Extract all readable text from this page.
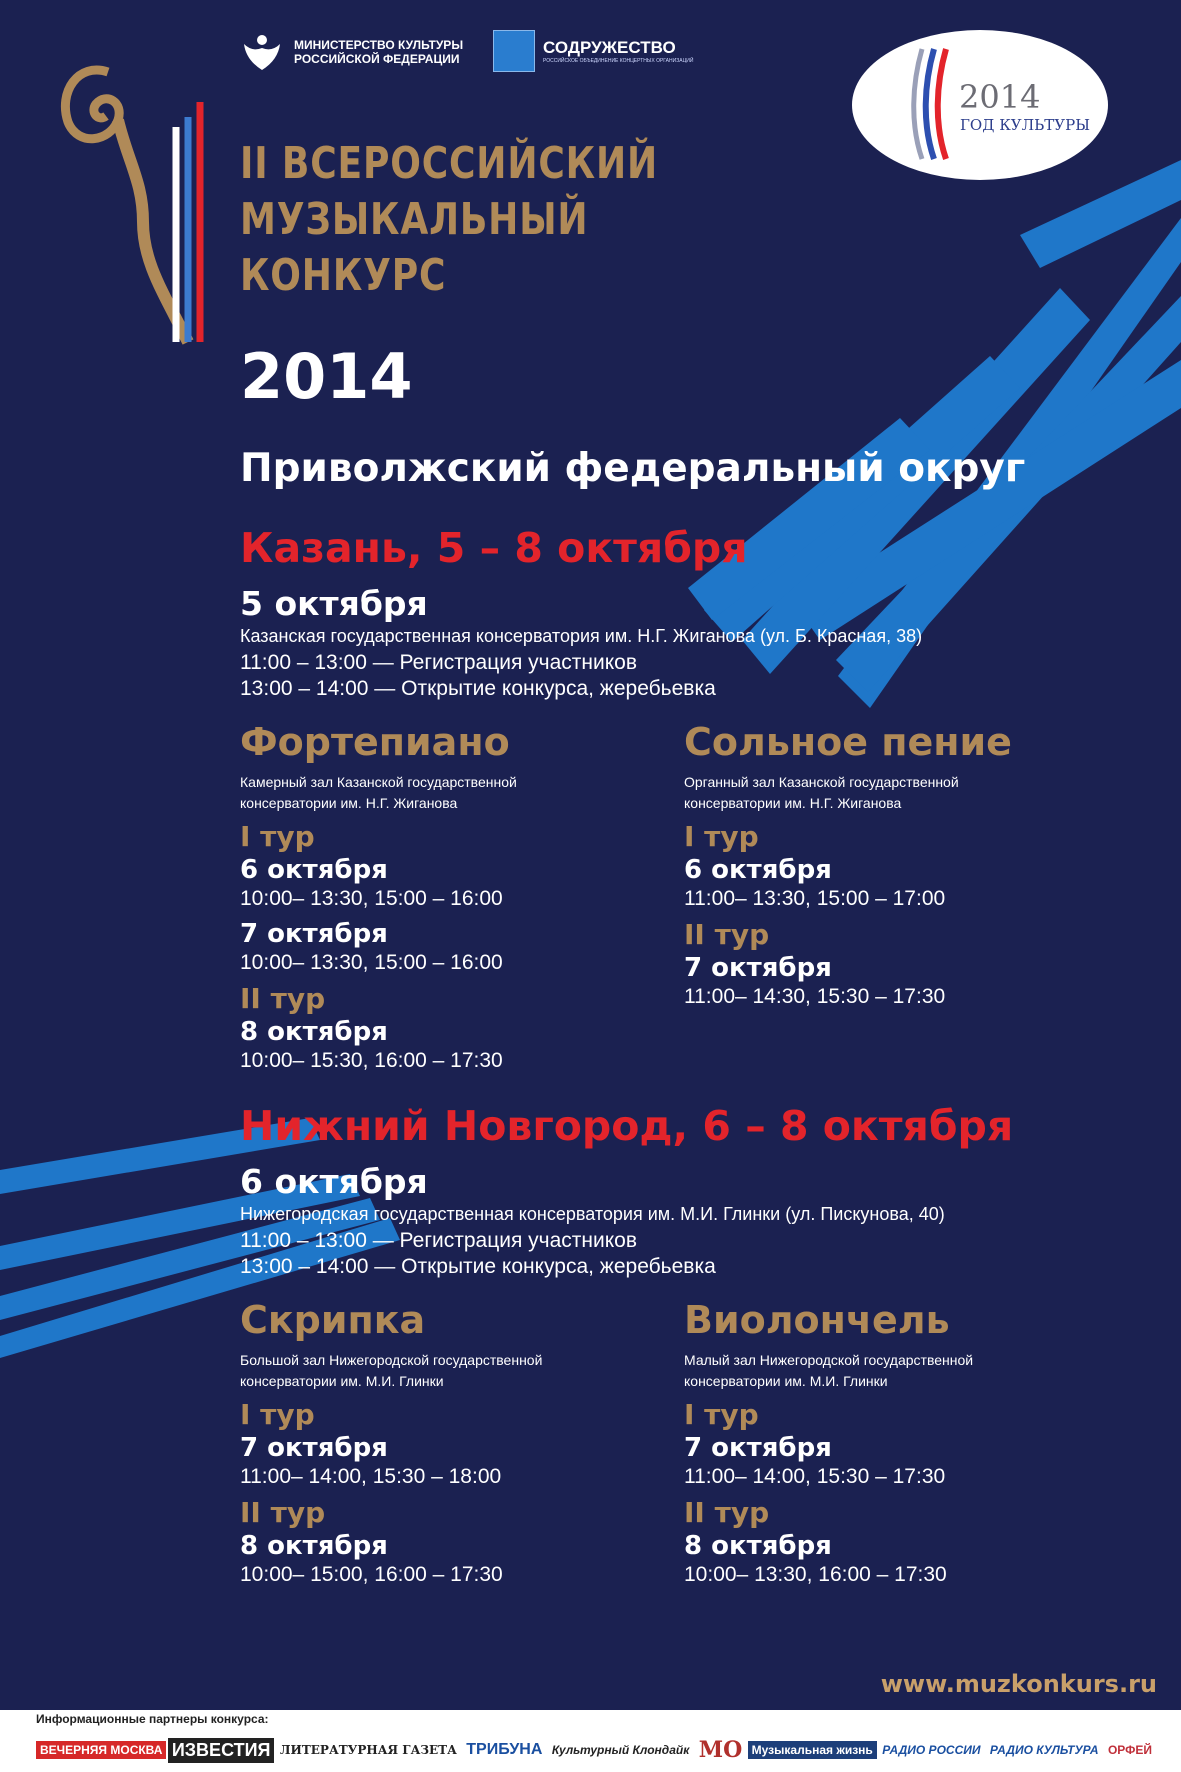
МИНИСТЕРСТВО КУЛЬТУРЫ
РОССИЙСКОЙ ФЕДЕРАЦИИ
СОДРУЖЕСТВО
РОССИЙСКОЕ ОБЪЕДИНЕНИЕ КОНЦЕРТНЫХ ОРГАНИЗАЦИЙ
2014
ГОД КУЛЬТУРЫ
II ВСЕРОССИЙСКИЙ
МУЗЫКАЛЬНЫЙ
КОНКУРС
2014
Приволжский федеральный округ
Казань, 5 – 8 октября
5 октября
Казанская государственная консерватория им. Н.Г. Жиганова (ул. Б. Красная, 38)
11:00 – 13:00 — Регистрация участников
13:00 – 14:00 — Открытие конкурса, жеребьевка
Фортепиано
Камерный зал Казанской государственной
консерватории им. Н.Г. Жиганова
I тур
6 октября
10:00– 13:30, 15:00 – 16:00
7 октября
10:00– 13:30, 15:00 – 16:00
II тур
8 октября
10:00– 15:30, 16:00 – 17:30
Сольное пение
Органный зал Казанской государственной
консерватории им. Н.Г. Жиганова
I тур
6 октября
11:00– 13:30, 15:00 – 17:00
II тур
7 октября
11:00– 14:30, 15:30 – 17:30
Нижний Новгород, 6 – 8 октября
6 октября
Нижегородская государственная консерватория им. М.И. Глинки (ул. Пискунова, 40)
11:00 – 13:00 — Регистрация участников
13:00 – 14:00 — Открытие конкурса, жеребьевка
Скрипка
Большой зал Нижегородской государственной
консерватории им. М.И. Глинки
I тур
7 октября
11:00– 14:00, 15:30 – 18:00
II тур
8 октября
10:00– 15:00, 16:00 – 17:30
Виолончель
Малый зал Нижегородской государственной
консерватории им. М.И. Глинки
I тур
7 октября
11:00– 14:00, 15:30 – 17:30
II тур
8 октября
10:00– 13:30, 16:00 – 17:30
www.muzkonkurs.ru
Информационные партнеры конкурса:
ВЕЧЕРНЯЯ МОСКВА ИЗВЕСТИЯ ЛИТЕРАТУРНАЯ ГАЗЕТА ТРИБУНА Культурный Клондайк МО Музыкальная жизнь РАДИО РОССИИ РАДИО КУЛЬТУРА ОРФЕЙ
